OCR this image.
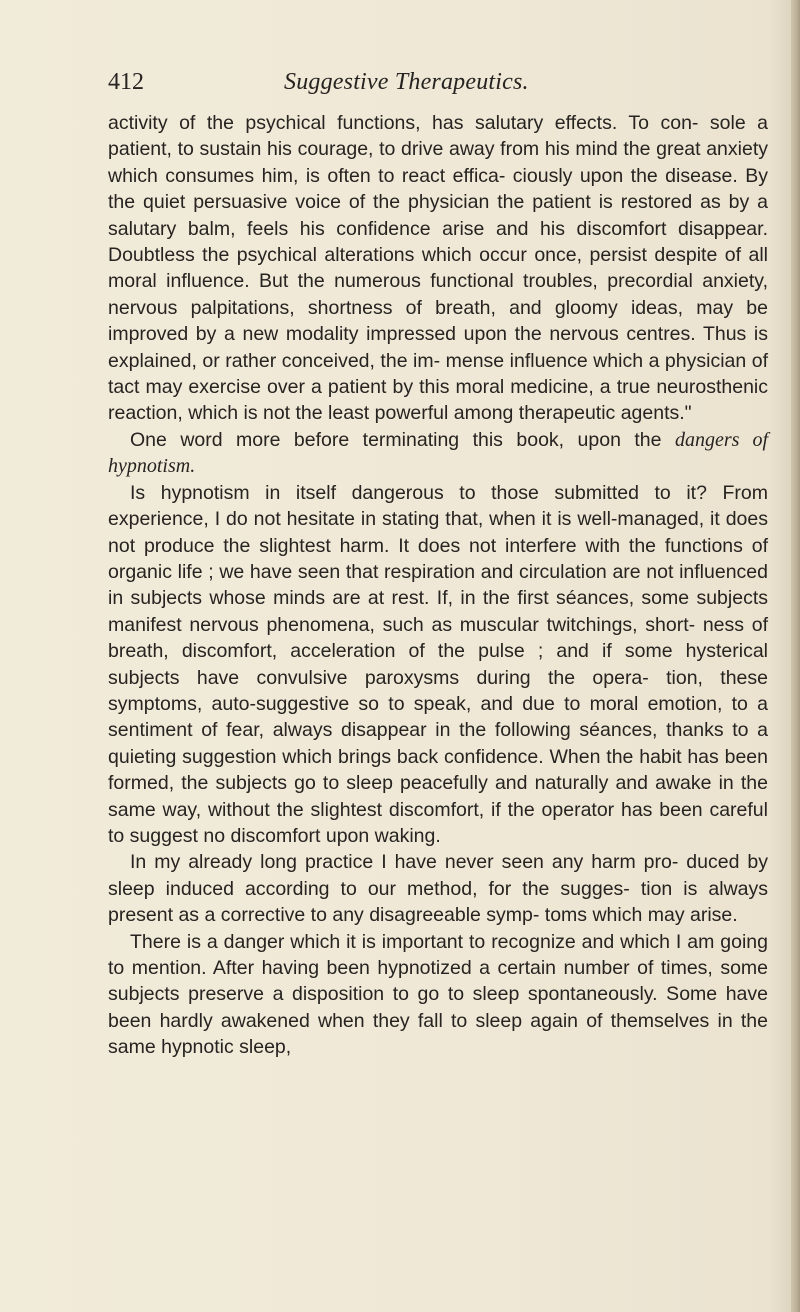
412	Suggestive Therapeutics.

activity of the psychical functions, has salutary effects. To con- sole a patient, to sustain his courage, to drive away from his mind the great anxiety which consumes him, is often to react effica- ciously upon the disease. By the quiet persuasive voice of the physician the patient is restored as by a salutary balm, feels his confidence arise and his discomfort disappear. Doubtless the psychical alterations which occur once, persist despite of all moral influence. But the numerous functional troubles, precordial anxiety, nervous palpitations, shortness of breath, and gloomy ideas, may be improved by a new modality impressed upon the nervous centres. Thus is explained, or rather conceived, the im- mense influence which a physician of tact may exercise over a patient by this moral medicine, a true neurosthenic reaction, which is not the least powerful among therapeutic agents."

One word more before terminating this book, upon the dangers of hypnotism.

Is hypnotism in itself dangerous to those submitted to it? From experience, I do not hesitate in stating that, when it is well-managed, it does not produce the slightest harm. It does not interfere with the functions of organic life ; we have seen that respiration and circulation are not influenced in subjects whose minds are at rest. If, in the first séances, some subjects manifest nervous phenomena, such as muscular twitchings, short- ness of breath, discomfort, acceleration of the pulse ; and if some hysterical subjects have convulsive paroxysms during the opera- tion, these symptoms, auto-suggestive so to speak, and due to moral emotion, to a sentiment of fear, always disappear in the following séances, thanks to a quieting suggestion which brings back confidence. When the habit has been formed, the subjects go to sleep peacefully and naturally and awake in the same way, without the slightest discomfort, if the operator has been careful to suggest no discomfort upon waking.

In my already long practice I have never seen any harm pro- duced by sleep induced according to our method, for the sugges- tion is always present as a corrective to any disagreeable symp- toms which may arise.

There is a danger which it is important to recognize and which I am going to mention. After having been hypnotized a certain number of times, some subjects preserve a disposition to go to sleep spontaneously. Some have been hardly awakened when they fall to sleep again of themselves in the same hypnotic sleep,
